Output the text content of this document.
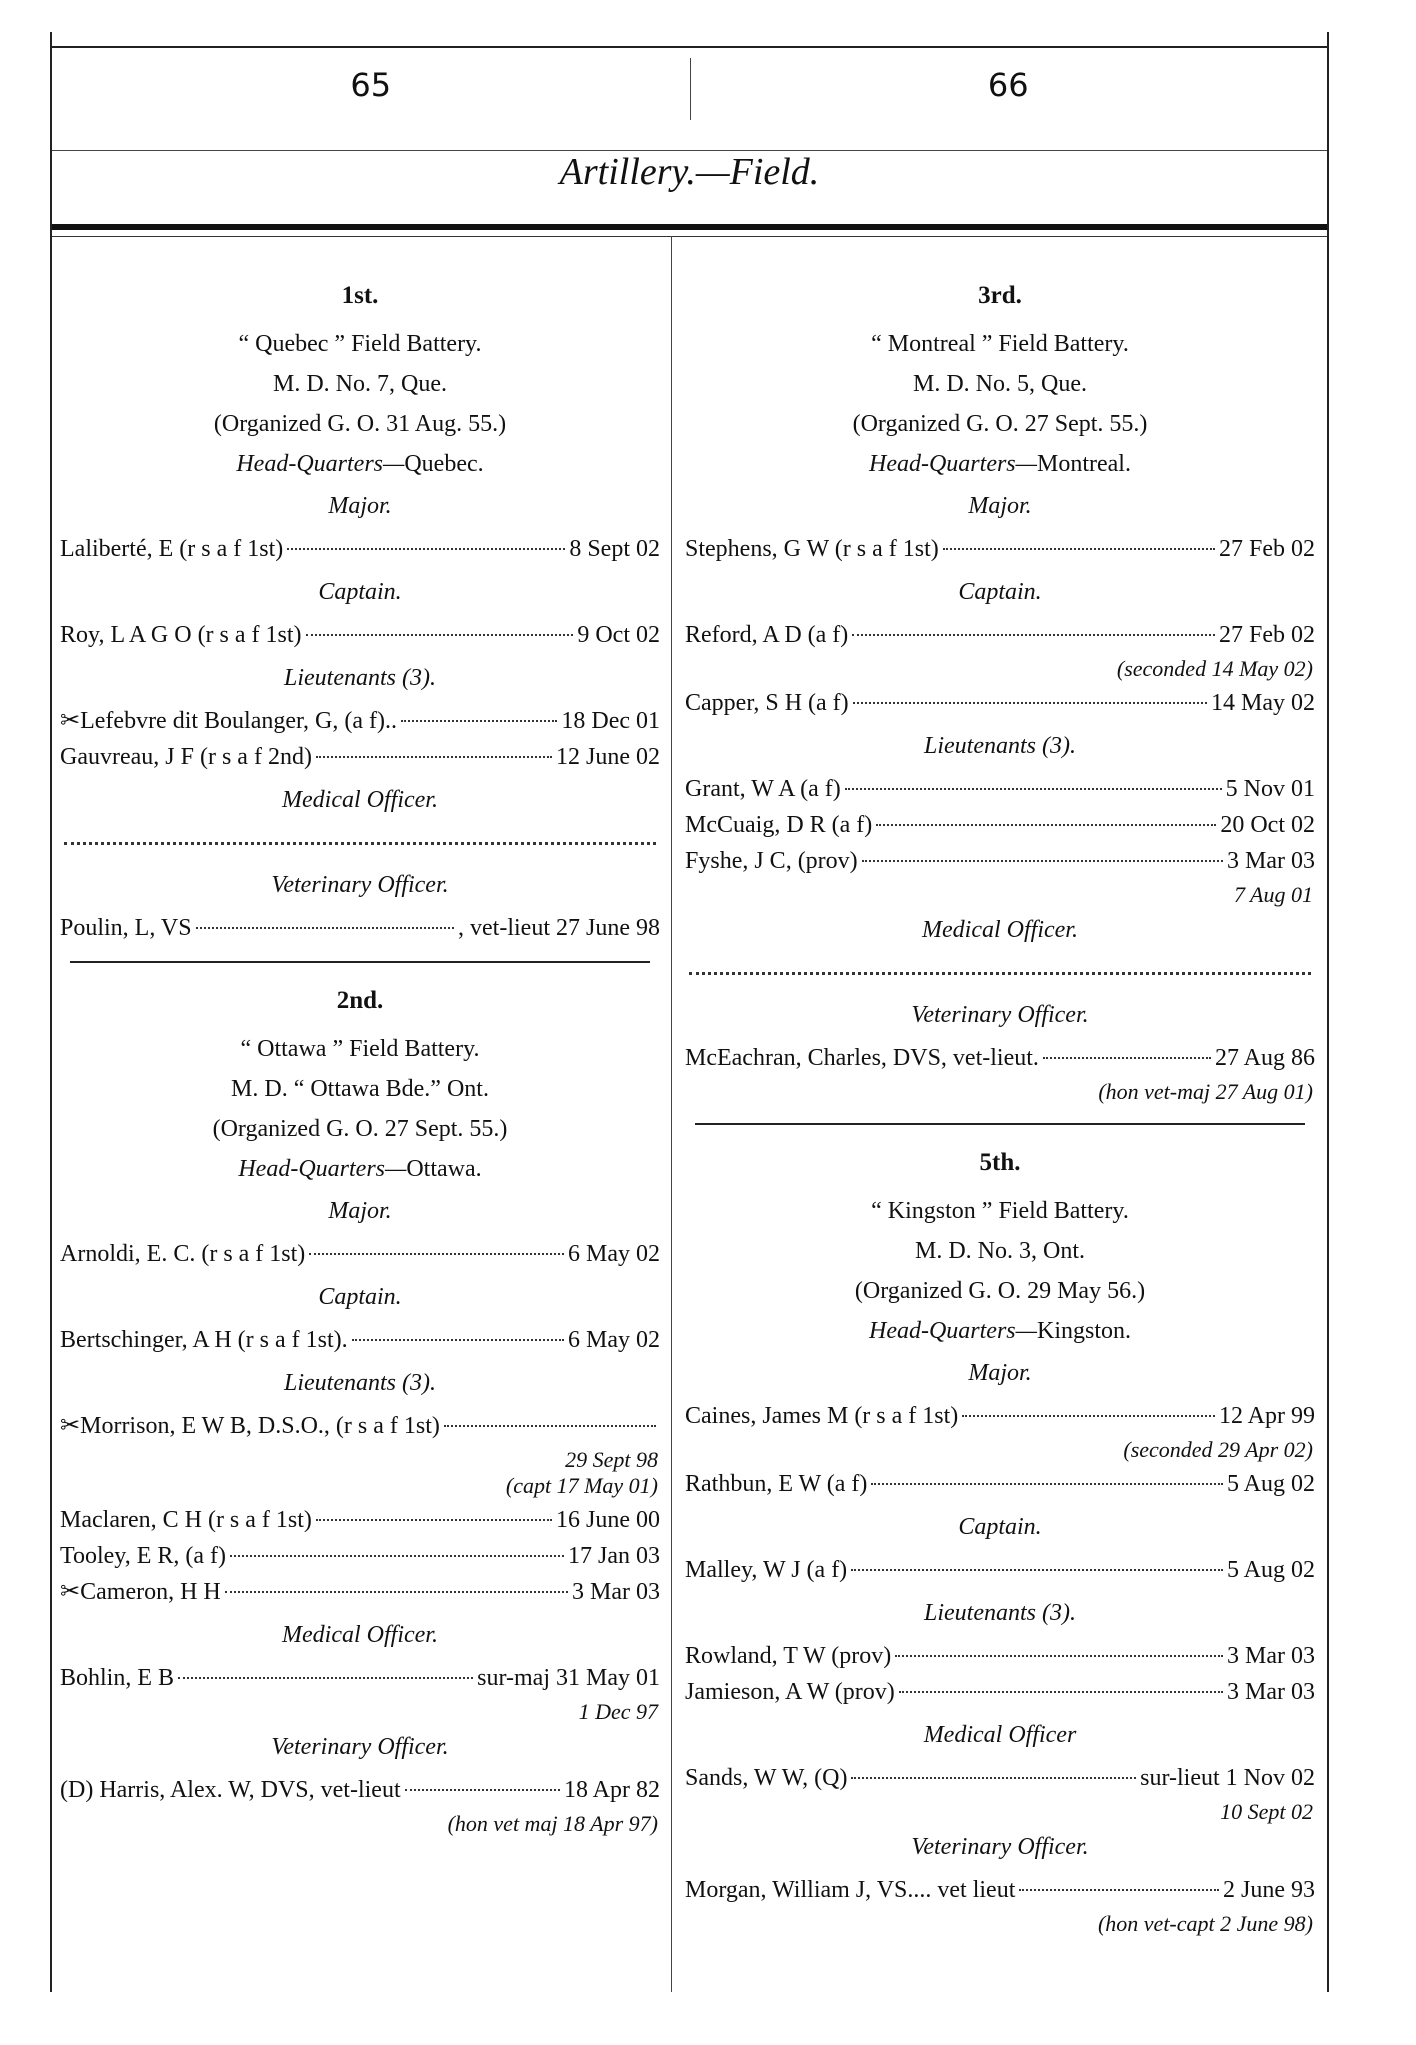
65	66
Artillery.—Field.
1st.
“ Quebec ” Field Battery.
M. D. No. 7, Que.
(Organized G. O. 31 Aug. 55.)
Head-Quarters—Quebec.
Major.
Laliberté, E (r s a f 1st)	8 Sept 02
Captain.
Roy, L A G O (r s a f 1st)	9 Oct 02
Lieutenants (3).
✂Lefebvre dit Boulanger, G, (a f)..	18 Dec 01
Gauvreau, J F (r s a f 2nd)	12 June 02
Medical Officer.
Veterinary Officer.
Poulin, L, VS	, vet-lieut 27 June 98
2nd.
“ Ottawa ” Field Battery.
M. D. “ Ottawa Bde.” Ont.
(Organized G. O. 27 Sept. 55.)
Head-Quarters—Ottawa.
Major.
Arnoldi, E. C. (r s a f 1st)	6 May 02
Captain.
Bertschinger, A H (r s a f 1st).	6 May 02
Lieutenants (3).
✂Morrison, E W B, D.S.O., (r s a f 1st)
29 Sept 98
(capt 17 May 01)
Maclaren, C H (r s a f 1st)	16 June 00
Tooley, E R, (a f)	17 Jan 03
✂Cameron, H H	3 Mar 03
Medical Officer.
Bohlin, E B	sur-maj 31 May 01
1 Dec 97
Veterinary Officer.
(D) Harris, Alex. W, DVS, vet-lieut	18 Apr 82
(hon vet maj 18 Apr 97)
3rd.
“ Montreal ” Field Battery.
M. D. No. 5, Que.
(Organized G. O. 27 Sept. 55.)
Head-Quarters—Montreal.
Major.
Stephens, G W (r s a f 1st)	27 Feb 02
Captain.
Reford, A D (a f)	27 Feb 02
(seconded 14 May 02)
Capper, S H (a f)	14 May 02
Lieutenants (3).
Grant, W A (a f)	5 Nov 01
McCuaig, D R (a f)	20 Oct 02
Fyshe, J C, (prov)	3 Mar 03
7 Aug 01
Medical Officer.
Veterinary Officer.
McEachran, Charles, DVS, vet-lieut.	27 Aug 86
(hon vet-maj 27 Aug 01)
5th.
“ Kingston ” Field Battery.
M. D. No. 3, Ont.
(Organized G. O. 29 May 56.)
Head-Quarters—Kingston.
Major.
Caines, James M (r s a f 1st)	12 Apr 99
(seconded 29 Apr 02)
Rathbun, E W (a f)	5 Aug 02
Captain.
Malley, W J (a f)	5 Aug 02
Lieutenants (3).
Rowland, T W (prov)	3 Mar 03
Jamieson, A W (prov)	3 Mar 03
Medical Officer
Sands, W W, (Q)	sur-lieut 1 Nov 02
10 Sept 02
Veterinary Officer.
Morgan, William J, VS.... vet lieut	2 June 93
(hon vet-capt 2 June 98)
